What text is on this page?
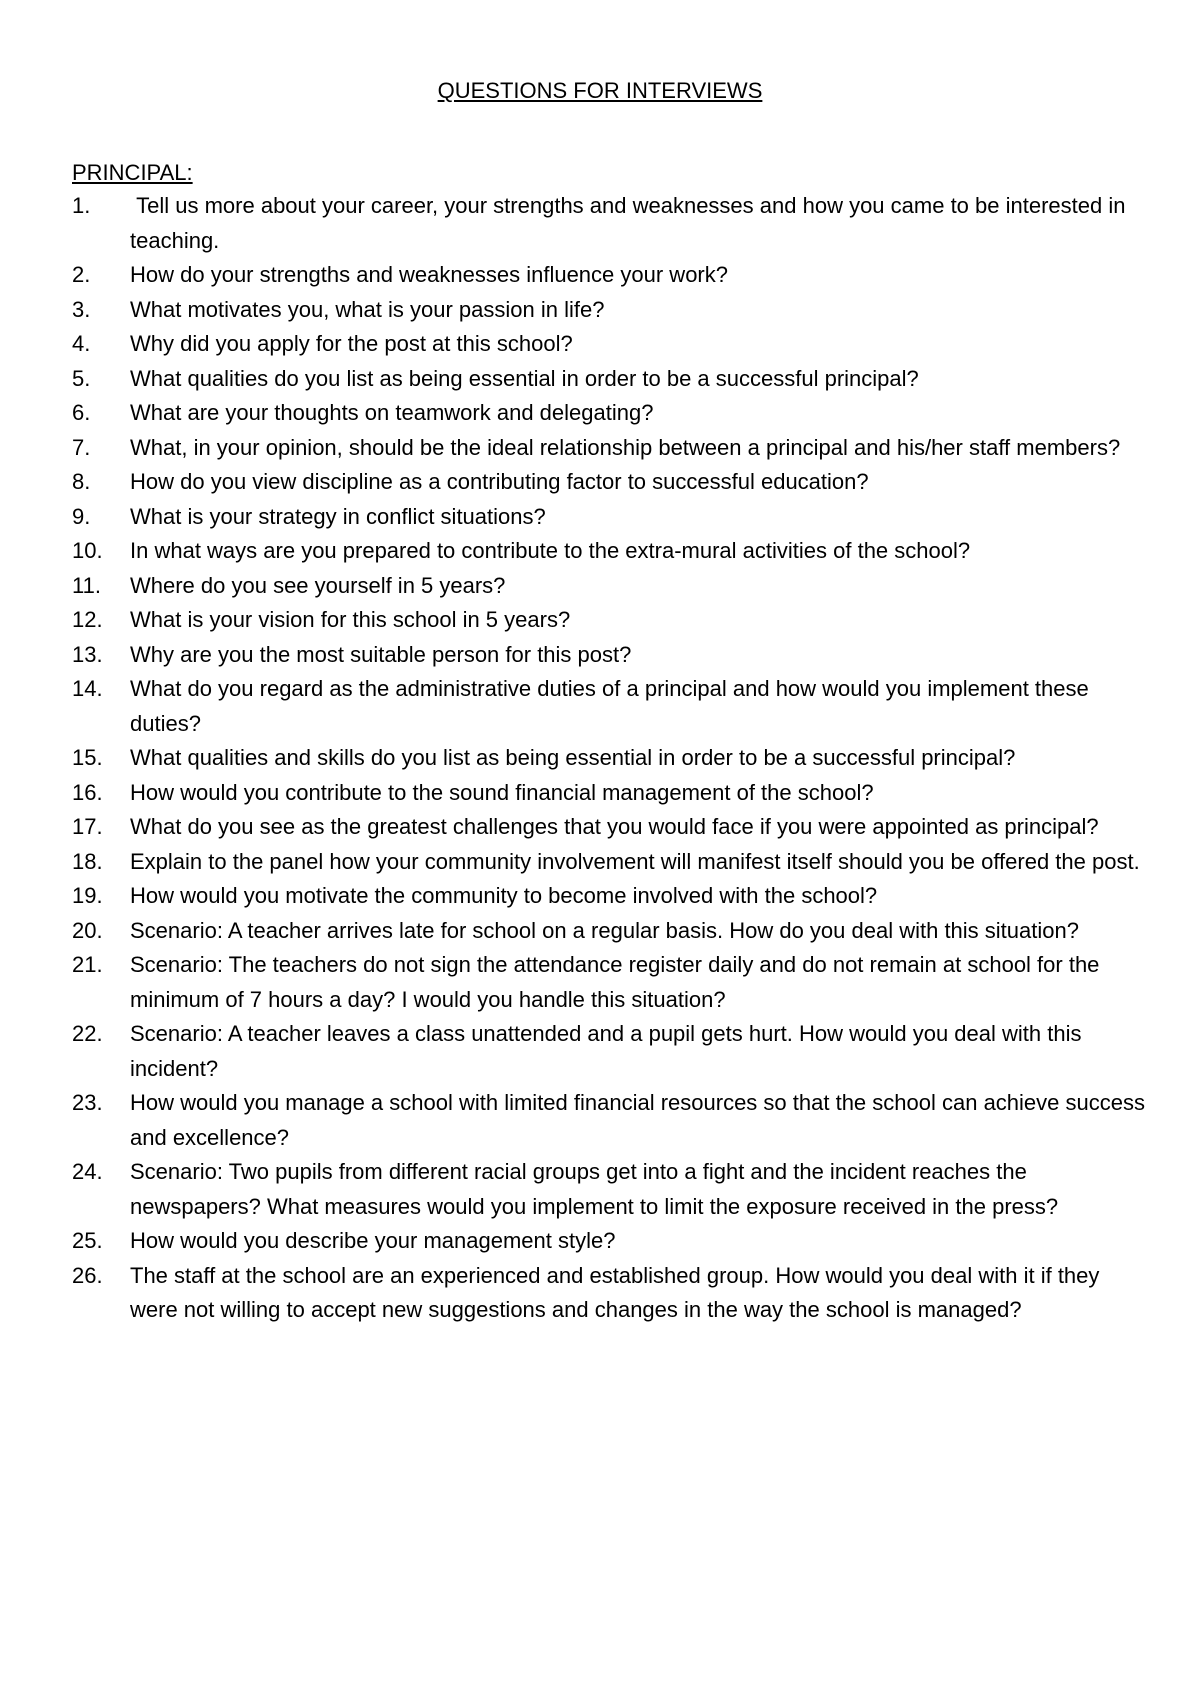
QUESTIONS FOR INTERVIEWS
PRINCIPAL:
1.	Tell us more about your career, your strengths and weaknesses and how you came to be interested in teaching.
2.	How do your strengths and weaknesses influence your work?
3.	What motivates you, what is your passion in life?
4.	Why did you apply for the post at this school?
5.	What qualities do you list as being essential in order to be a successful principal?
6.	What are your thoughts on teamwork and delegating?
7.	What, in your opinion, should be the ideal relationship between a principal and his/her staff members?
8.	How do you view discipline as a contributing factor to successful education?
9.	What is your strategy in conflict situations?
10.	In what ways are you prepared to contribute to the extra-mural activities of the school?
11.	Where do you see yourself in 5 years?
12.	What is your vision for this school in 5 years?
13.	Why are you the most suitable person for this post?
14.	What do you regard as the administrative duties of a principal and how would you implement these duties?
15.	What qualities and skills do you list as being essential in order to be a successful principal?
16.	How would you contribute to the sound financial management of the school?
17.	What do you see as the greatest challenges that you would face if you were appointed as principal?
18.	Explain to the panel how your community involvement will manifest itself should you be offered the post.
19.	How would you motivate the community to become involved with the school?
20.	Scenario: A teacher arrives late for school on a regular basis. How do you deal with this situation?
21.	Scenario: The teachers do not sign the attendance register daily and do not remain at school for the minimum of 7 hours a day? I would you handle this situation?
22.	Scenario: A teacher leaves a class unattended and a pupil gets hurt. How would you deal with this incident?
23.	How would you manage a school with limited financial resources so that the school can achieve success and excellence?
24.	Scenario: Two pupils from different racial groups get into a fight and the incident reaches the newspapers? What measures would you implement to limit the exposure received in the press?
25.	How would you describe your management style?
26.	The staff at the school are an experienced and established group. How would you deal with it if they were not willing to accept new suggestions and changes in the way the school is managed?
